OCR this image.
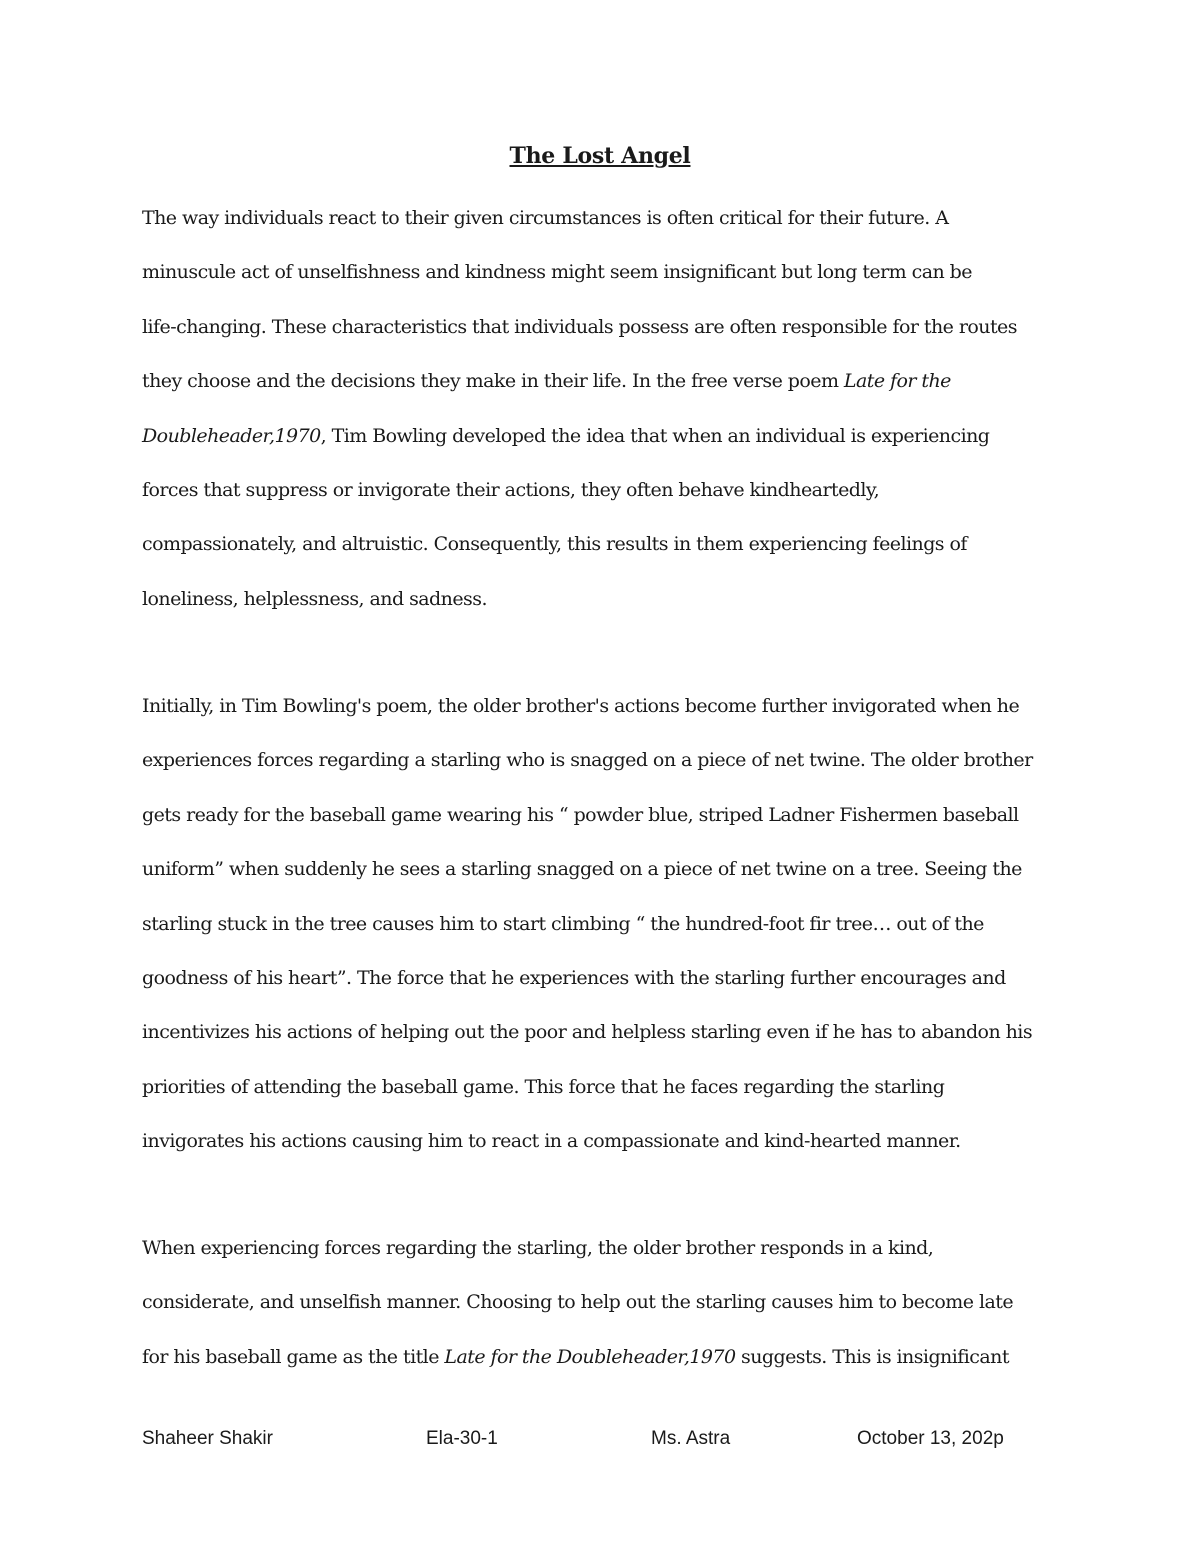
The Lost Angel
The way individuals react to their given circumstances is often critical for their future. A
minuscule act of unselfishness and kindness might seem insignificant but long term can be
life-changing. These characteristics that individuals possess are often responsible for the routes
they choose and the decisions they make in their life. In the free verse poem Late for the
Doubleheader,1970, Tim Bowling developed the idea that when an individual is experiencing
forces that suppress or invigorate their actions, they often behave kindheartedly,
compassionately, and altruistic. Consequently, this results in them experiencing feelings of
loneliness, helplessness, and sadness.
Initially, in Tim Bowling's poem, the older brother's actions become further invigorated when he
experiences forces regarding a starling who is snagged on a piece of net twine. The older brother
gets ready for the baseball game wearing his “ powder blue, striped Ladner Fishermen baseball
uniform” when suddenly he sees a starling snagged on a piece of net twine on a tree. Seeing the
starling stuck in the tree causes him to start climbing “ the hundred-foot fir tree… out of the
goodness of his heart”. The force that he experiences with the starling further encourages and
incentivizes his actions of helping out the poor and helpless starling even if he has to abandon his
priorities of attending the baseball game. This force that he faces regarding the starling
invigorates his actions causing him to react in a compassionate and kind-hearted manner.
When experiencing forces regarding the starling, the older brother responds in a kind,
considerate, and unselfish manner. Choosing to help out the starling causes him to become late
for his baseball game as the title Late for the Doubleheader,1970 suggests. This is insignificant
Shaheer Shakir	Ela-30-1	Ms. Astra	October 13, 202p
